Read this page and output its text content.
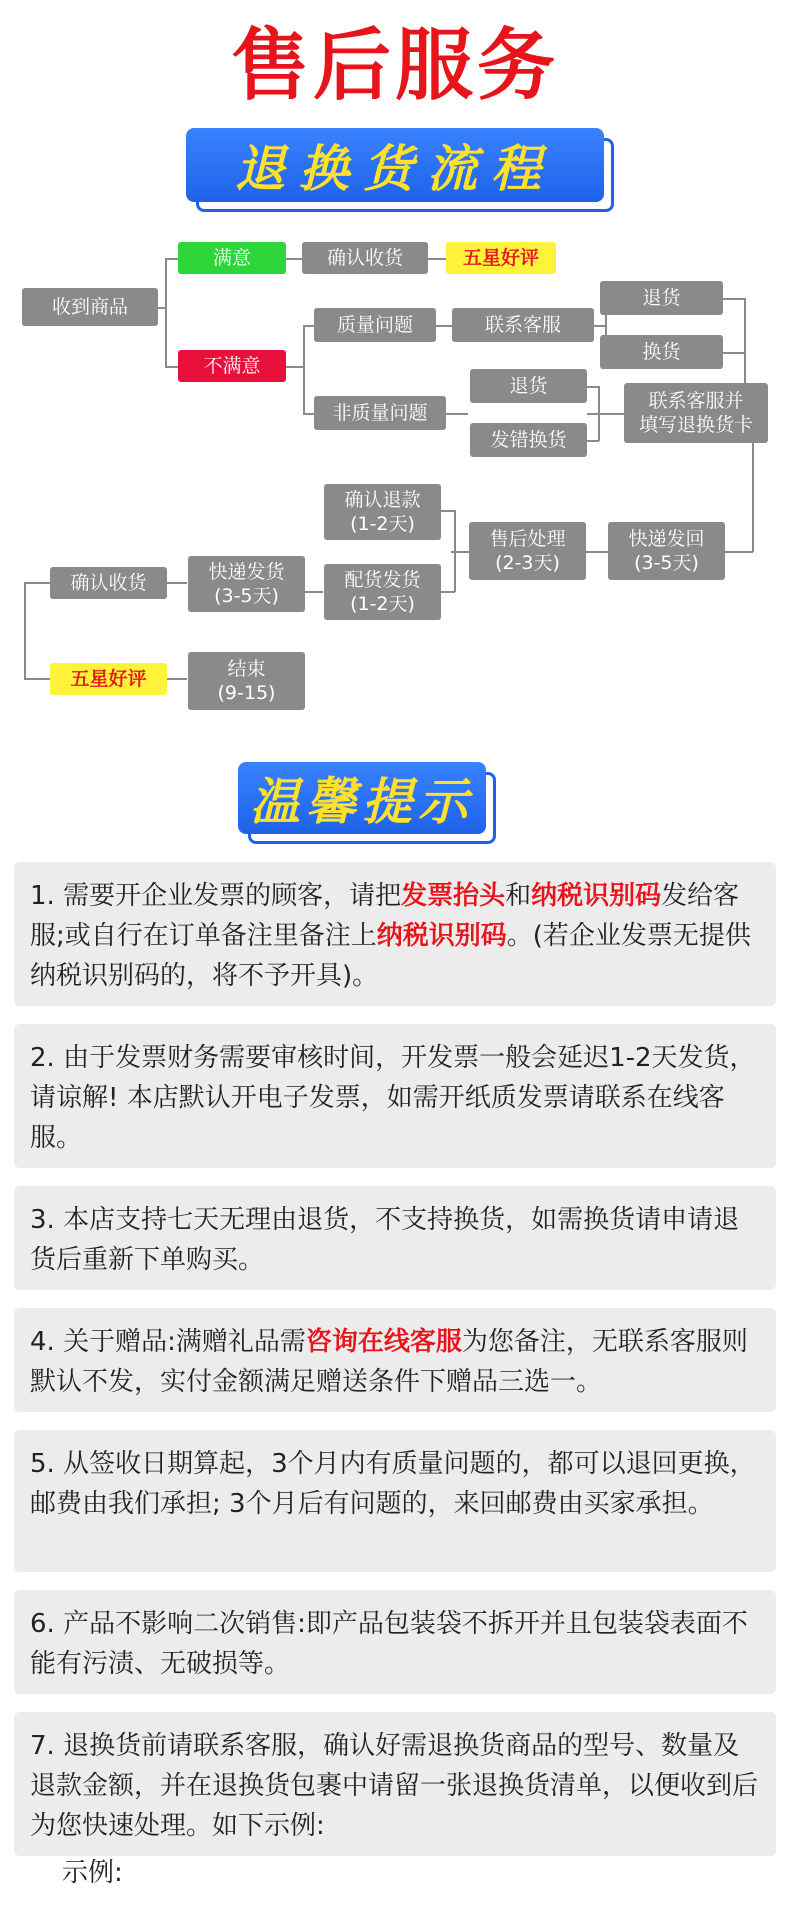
售后服务
退换货流程
收到商品
满意	确认收货	五星好评
不满意
质量问题	联系客服
退货
换货
非质量问题
退货
发错换货
联系客服并
填写退换货卡
确认退款
(1-2天)
售后处理
(2-3天)
快递发回
(3-5天)
配货发货
(1-2天)
快递发货
(3-5天)
确认收货
五星好评	结束
(9-15)
温馨提示
1. 需要开企业发票的顾客，请把发票抬头和纳税识别码发给客服;或自行在订单备注里备注上纳税识别码。(若企业发票无提供纳税识别码的，将不予开具)。
2. 由于发票财务需要审核时间，开发票一般会延迟1-2天发货， 请谅解! 本店默认开电子发票，如需开纸质发票请联系在线客服。
3. 本店支持七天无理由退货，不支持换货，如需换货请申请退货后重新下单购买。
4. 关于赠品:满赠礼品需咨询在线客服为您备注，无联系客服则默认不发，实付金额满足赠送条件下赠品三选一。
5. 从签收日期算起，3个月内有质量问题的，都可以退回更换，邮费由我们承担; 3个月后有问题的，来回邮费由买家承担。
6. 产品不影响二次销售:即产品包装袋不拆开并且包装袋表面不能有污渍、无破损等。
7. 退换货前请联系客服，确认好需退换货商品的型号、数量及退款金额，并在退换货包裹中请留一张退换货清单，以便收到后为您快速处理。如下示例:
示例:
